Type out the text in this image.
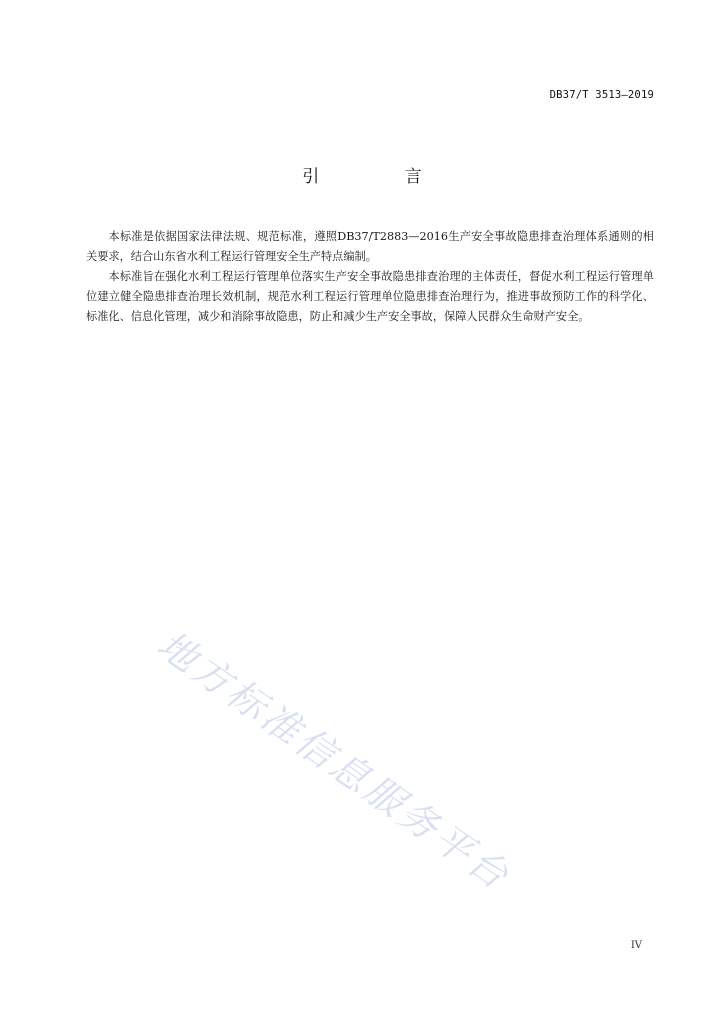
DB37/T 3513—2019
引 言

本标准是依据国家法律法规、规范标准，遵照DB37/T2883—2016生产安全事故隐患排查治理体系通则的相关要求，结合山东省水利工程运行管理安全生产特点编制。

本标准旨在强化水利工程运行管理单位落实生产安全事故隐患排查治理的主体责任，督促水利工程运行管理单位建立健全隐患排查治理长效机制，规范水利工程运行管理单位隐患排查治理行为，推进事故预防工作的科学化、标准化、信息化管理，减少和消除事故隐患，防止和减少生产安全事故，保障人民群众生命财产安全。

地方标准信息服务平台
IV
